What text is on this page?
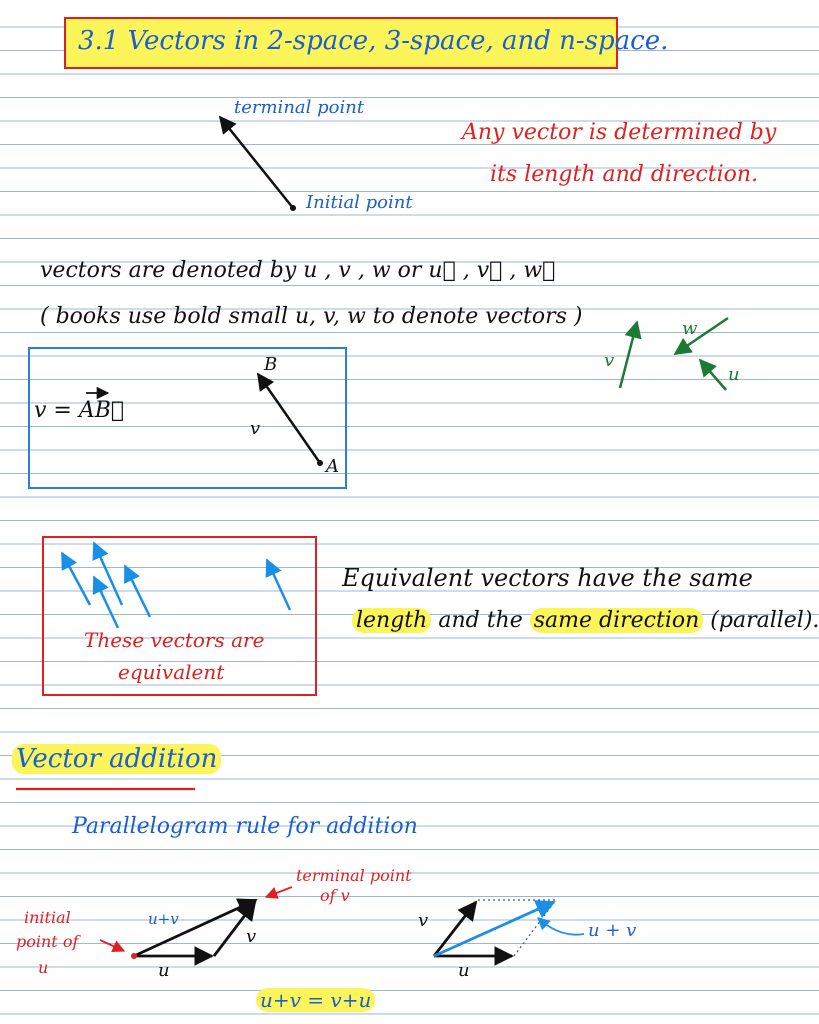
3.1 Vectors in 2-space, 3-space, and n-space.
terminal point
Initial point
Any vector is determined by
its length and direction.
vectors are denoted by u , v , w or u⃗ , v⃗ , w⃗
( books use bold small u, v, w to denote vectors )
v
w
u
v = AB⃗
B
A
v
These vectors are
equivalent
Equivalent vectors have the same
length and the same direction (parallel).
Vector addition
Parallelogram rule for addition
u+v
v
u
terminal point
of v
initial
point of
u
v
u
u + v
u+v = v+u
